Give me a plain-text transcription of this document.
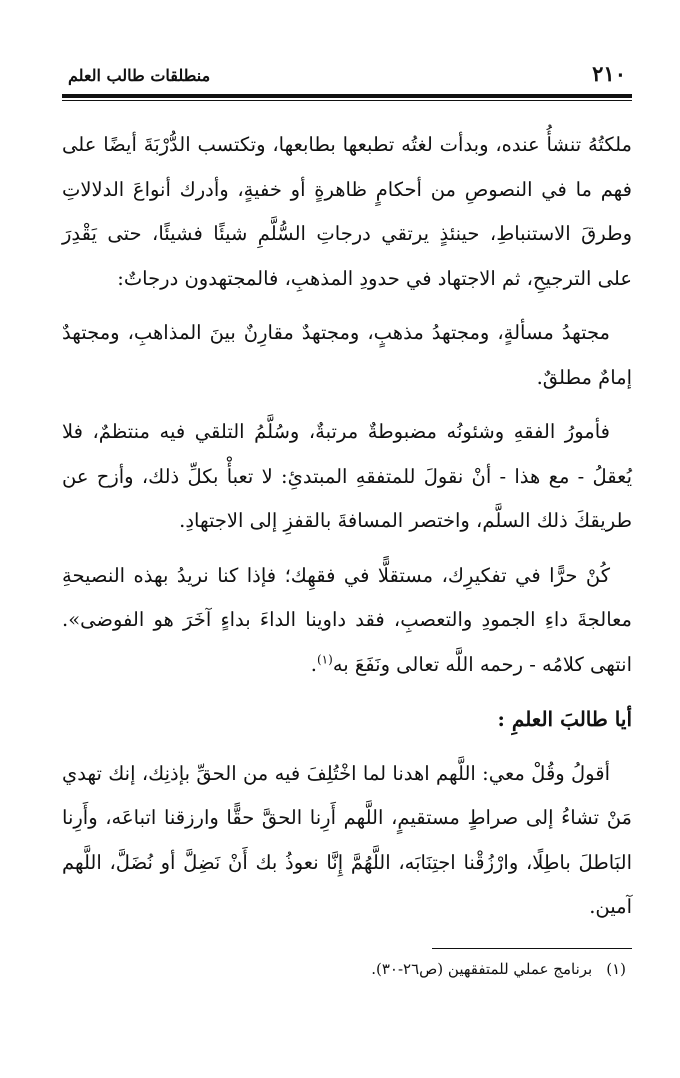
٢١٠
منطلقات طالب العلم

ملكتُهُ تنشأُ عنده، وبدأت لغتُه تطبعها بطابعها، وتكتسب الدُّرْبَةَ أيضًا على فهم ما في النصوصِ من أحكامٍ ظاهرةٍ أو خفيةٍ، وأدرك أنواعَ الدلالاتِ وطرقَ الاستنباطِ، حينئذٍ يرتقي درجاتِ السُّلَّمِ شيئًا فشيئًا، حتى يَقْدِرَ على الترجيحِ، ثم الاجتهاد في حدودِ المذهبِ، فالمجتهدون درجاتٌ:

مجتهدُ مسألةٍ، ومجتهدُ مذهبٍ، ومجتهدٌ مقارِنٌ بينَ المذاهبِ، ومجتهدٌ إمامٌ مطلقٌ.

فأمورُ الفقهِ وشئونُه مضبوطةٌ مرتبةٌ، وسُلَّمُ التلقي فيه منتظمٌ، فلا يُعقلُ - مع هذا - أنْ نقولَ للمتفقهِ المبتدئِ: لا تعبأْ بكلِّ ذلك، وأزح عن طريقكَ ذلك السلَّم، واختصر المسافةَ بالقفزِ إلى الاجتهادِ.

كُنْ حرًّا في تفكيرِك، مستقلًّا في فقهِك؛ فإذا كنا نريدُ بهذه النصيحةِ معالجةَ داءِ الجمودِ والتعصبِ، فقد داوينا الداءَ بداءٍ آخَرَ هو الفوضى». انتهى كلامُه - رحمه اللَّه تعالى ونَفَعَ به$^{(١)}$.

أيا طالبَ العلمِ :

أقولُ وقُلْ معي: اللَّهم اهدنا لما اخْتُلِفَ فيه من الحقِّ بإذنِك، إنك تهدي مَنْ تشاءُ إلى صراطٍ مستقيمٍ، اللَّهم أَرِنا الحقَّ حقًّا وارزقنا اتباعَه، وأَرِنا البَاطلَ باطِلًا، وارْزُقْنا اجتِنَابَه، اللَّهُمَّ إِنَّا نعوذُ بك أَنْ نَضِلَّ أو نُضَلَّ، اللَّهم آمين.

(١)
برنامج عملي للمتفقهين (ص٢٦-٣٠).
